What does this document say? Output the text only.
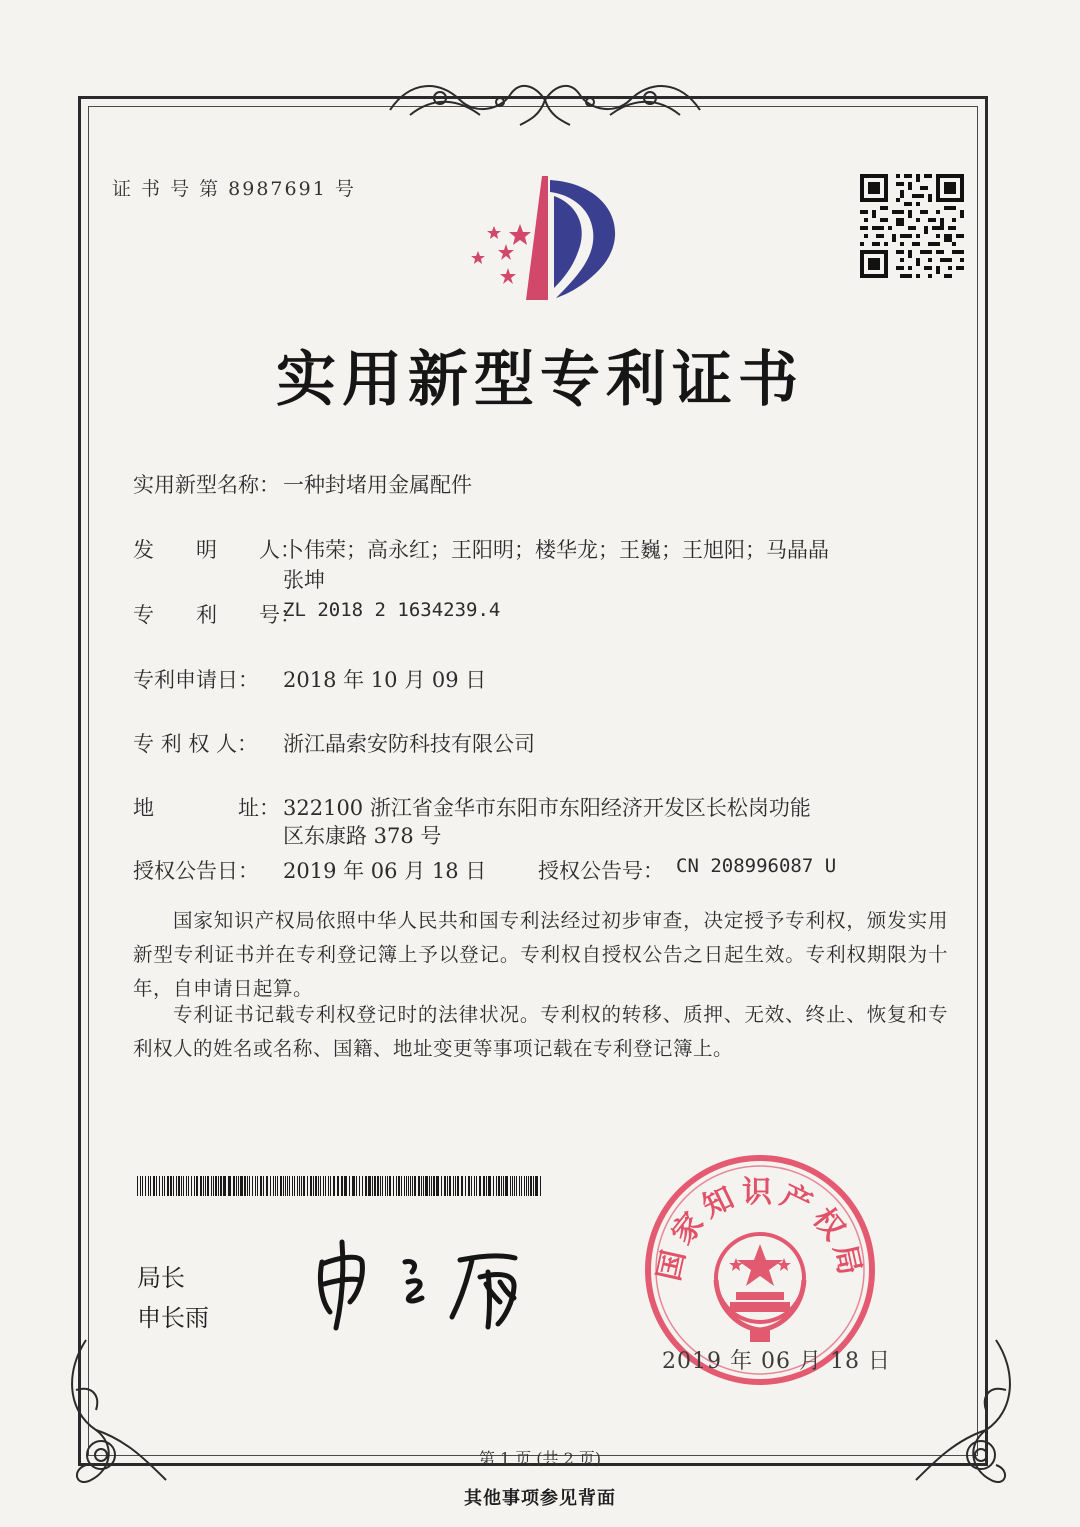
证 书 号 第 8987691 号
实用新型专利证书
实用新型名称： 一种封堵用金属配件
发　　明　　人：
卜伟荣；高永红；王阳明；楼华龙；王巍；王旭阳；马晶晶
张坤
专　　利　　号：
ZL 2018 2 1634239.4
专利申请日： 2018 年 10 月 09 日
专 利 权 人： 浙江晶索安防科技有限公司
地　　　　址： 322100 浙江省金华市东阳市东阳经济开发区长松岗功能
区东康路 378 号
授权公告日： 2019 年 06 月 18 日 授权公告号： CN 208996087 U
国家知识产权局依照中华人民共和国专利法经过初步审查，决定授予专利权，颁发实用新型专利证书并在专利登记簿上予以登记。专利权自授权公告之日起生效。专利权期限为十年，自申请日起算。
专利证书记载专利权登记时的法律状况。专利权的转移、质押、无效、终止、恢复和专利权人的姓名或名称、国籍、地址变更等事项记载在专利登记簿上。
局长
申长雨
国家知识产权局
2019 年 06 月 18 日
第 1 页 (共 2 页)
其他事项参见背面
